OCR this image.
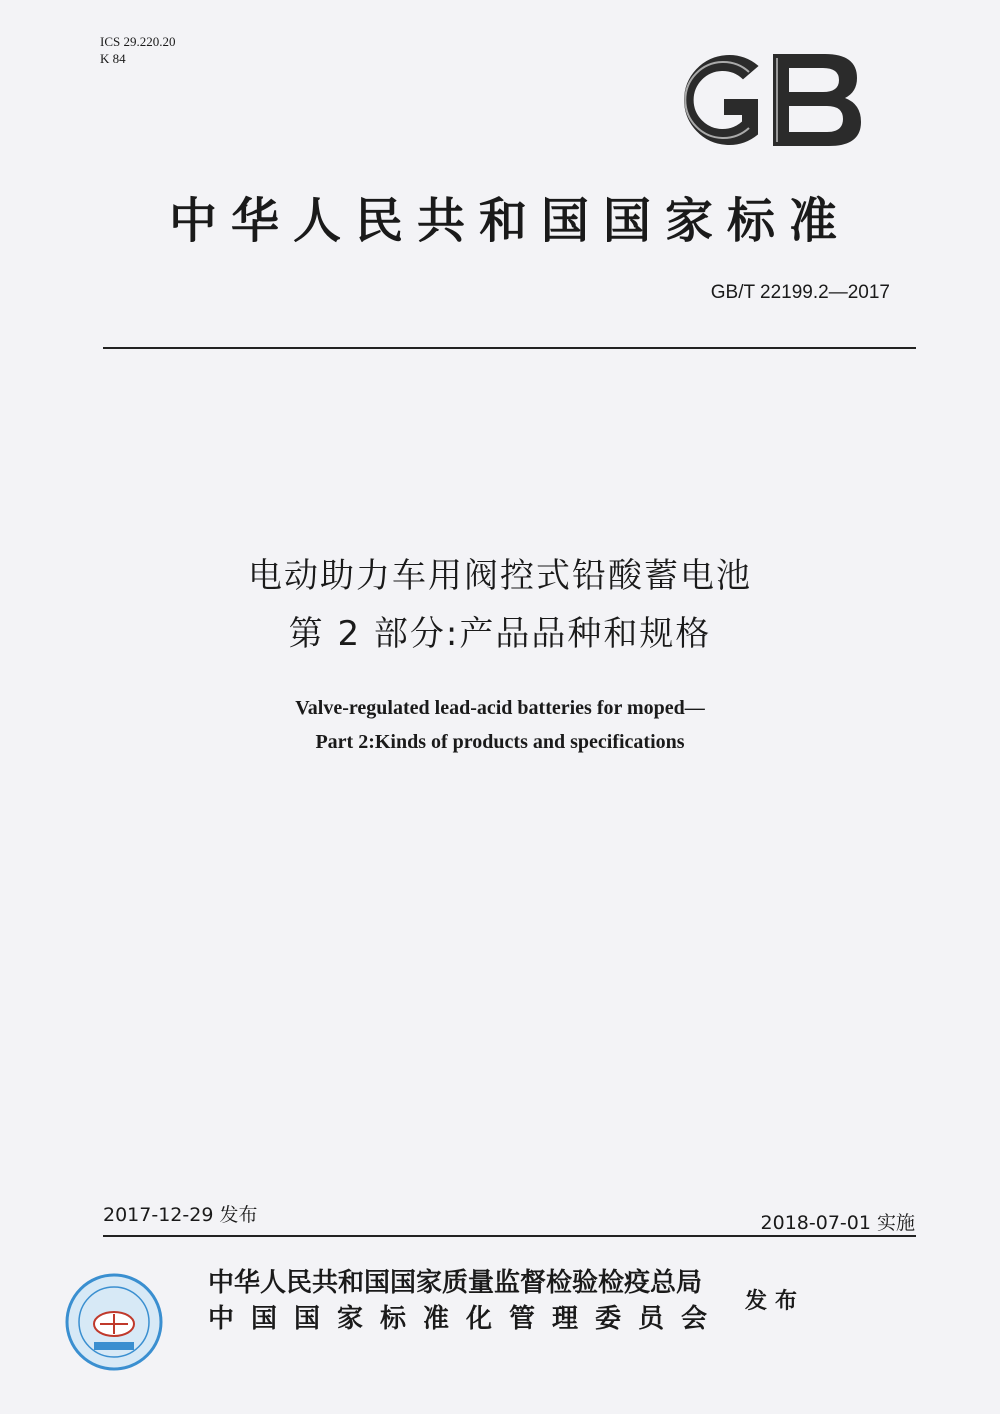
ICS 29.220.20
K 84
中华人民共和国国家标准
GB/T 22199.2—2017
电动助力车用阀控式铅酸蓄电池
第 2 部分:产品品种和规格
Valve-regulated lead-acid batteries for moped—
Part 2:Kinds of products and specifications
2017-12-29 发布	2018-07-01 实施
中华人民共和国国家质量监督检验检疫总局
中国国家标准化管理委员会
发布
